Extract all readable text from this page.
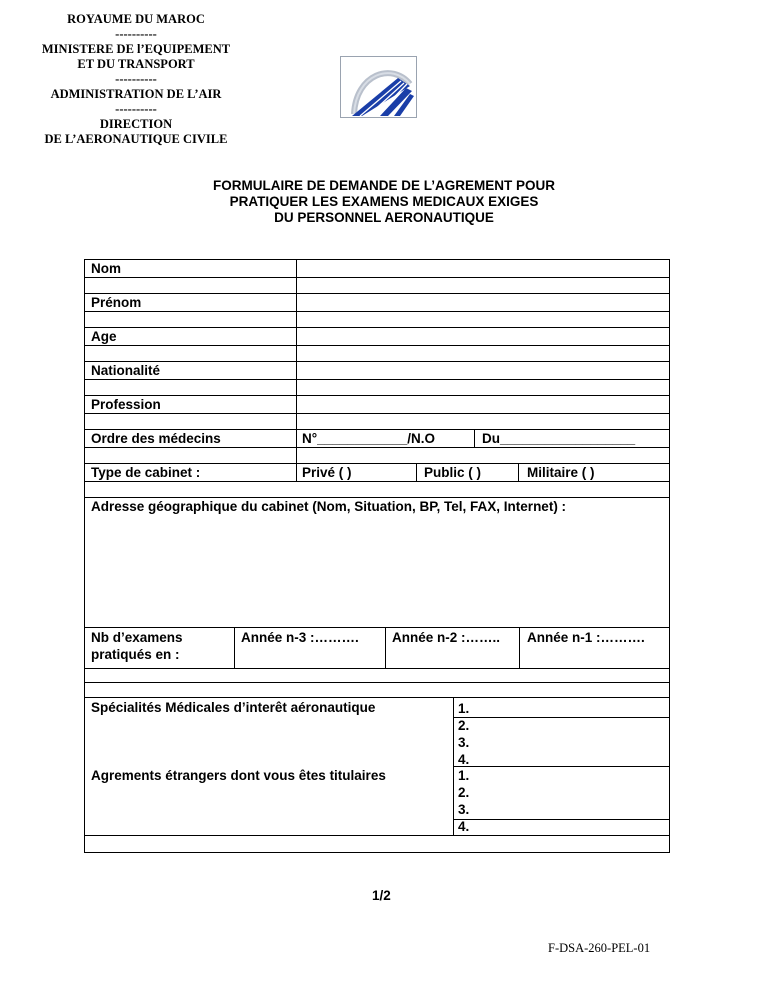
ROYAUME DU MAROC
----------
MINISTERE DE l’EQUIPEMENT
ET DU TRANSPORT
----------
ADMINISTRATION DE L’AIR
----------
DIRECTION
DE L’AERONAUTIQUE CIVILE
FORMULAIRE DE DEMANDE DE L’AGREMENT POUR
PRATIQUER LES EXAMENS MEDICAUX EXIGES
DU PERSONNEL AERONAUTIQUE
Nom
Prénom
Age
Nationalité
Profession
Ordre des médecins	N°____________/N.O	Du__________________
Type de cabinet :	Privé ( )	Public ( )	Militaire ( )
Adresse géographique du cabinet (Nom, Situation, BP, Tel, FAX, Internet) :
Nb d’examens
pratiqués en :
Année n-3 :………. Année n-2 :…….. Année n-1 :……….
Spécialités Médicales d’interêt aéronautique	1.
2.
3.
4.
Agrements étrangers dont vous êtes titulaires	1.
2.
3.
4.
1/2
F-DSA-260-PEL-01
